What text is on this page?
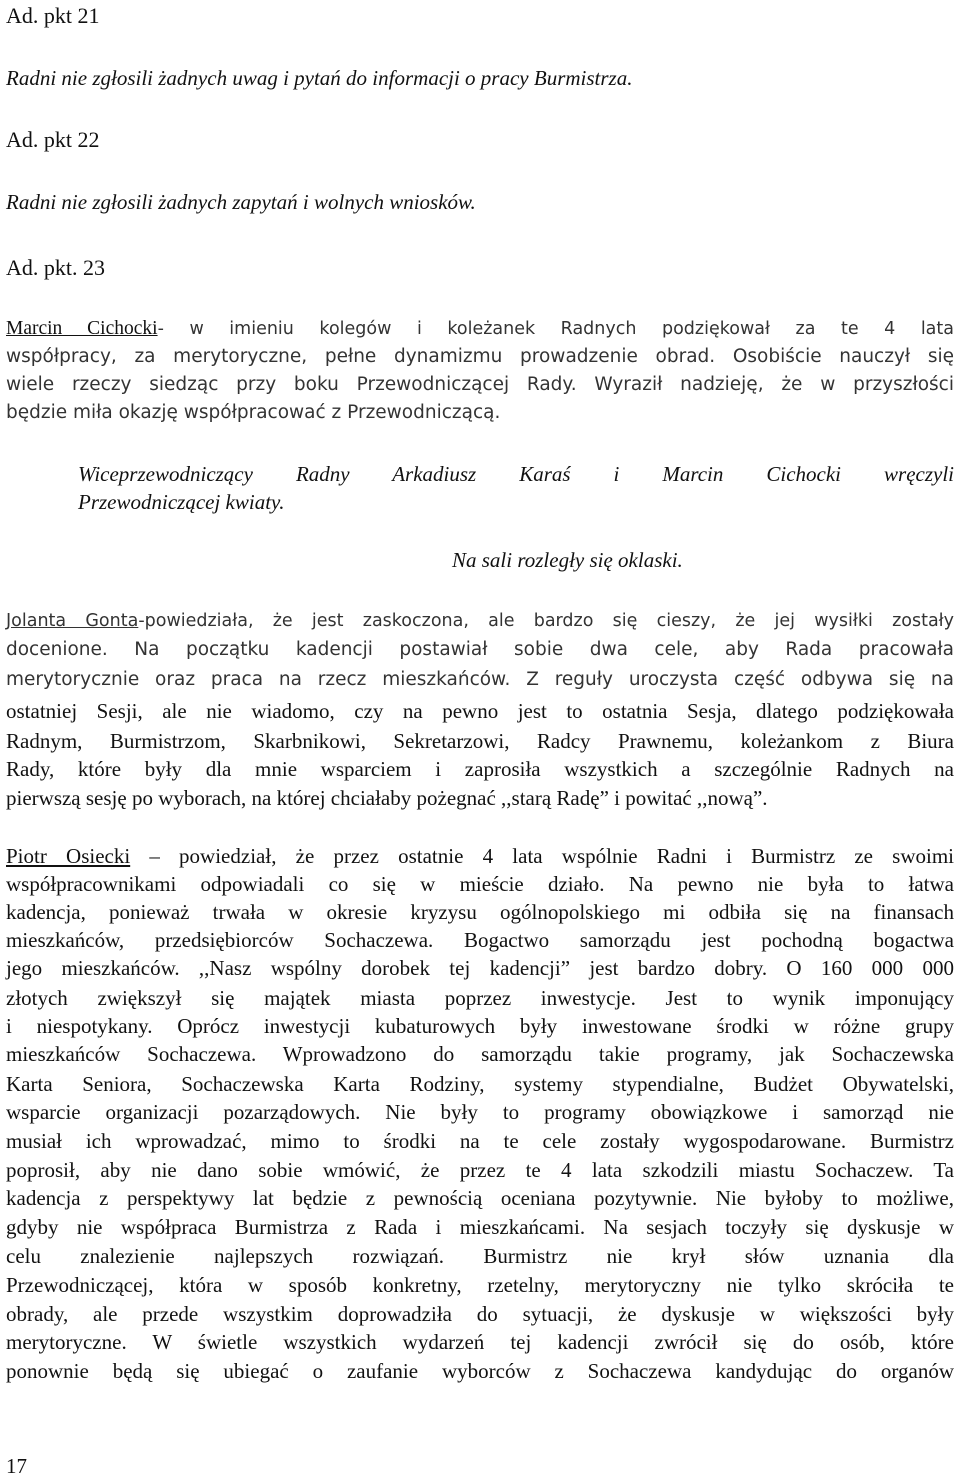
Ad. pkt 21
Radni nie zgłosili żadnych uwag i pytań do informacji o pracy Burmistrza.
Ad. pkt 22
Radni nie zgłosili żadnych zapytań i wolnych wniosków.
Ad. pkt. 23
Marcin Cichocki- w imieniu kolegów i koleżanek Radnych podziękował za te 4 lata
współpracy, za merytoryczne, pełne dynamizmu prowadzenie obrad. Osobiście nauczył się
wiele rzeczy siedząc przy boku Przewodniczącej Rady. Wyraził nadzieję, że w przyszłości
będzie miła okazję współpracować z Przewodniczącą.
Wiceprzewodniczący Radny Arkadiusz Karaś i Marcin Cichocki wręczyli
Przewodniczącej kwiaty.
Na sali rozległy się oklaski.
Jolanta Gonta-powiedziała, że jest zaskoczona, ale bardzo się cieszy, że jej wysiłki zostały
docenione. Na początku kadencji postawiał sobie dwa cele, aby Rada pracowała
merytorycznie oraz praca na rzecz mieszkańców. Z reguły uroczysta część odbywa się na
ostatniej Sesji, ale nie wiadomo, czy na pewno jest to ostatnia Sesja, dlatego podziękowała
Radnym, Burmistrzom, Skarbnikowi, Sekretarzowi, Radcy Prawnemu, koleżankom z Biura
Rady, które były dla mnie wsparciem i zaprosiła wszystkich a szczególnie Radnych na
pierwszą sesję po wyborach, na której chciałaby pożegnać ,,starą Radę” i powitać ,,nową”.
Piotr Osiecki – powiedział, że przez ostatnie 4 lata wspólnie Radni i Burmistrz ze swoimi
współpracownikami odpowiadali co się w mieście działo. Na pewno nie była to łatwa
kadencja, ponieważ trwała w okresie kryzysu ogólnopolskiego mi odbiła się na finansach
mieszkańców, przedsiębiorców Sochaczewa. Bogactwo samorządu jest pochodną bogactwa
jego mieszkańców. ,,Nasz wspólny dorobek tej kadencji” jest bardzo dobry. O 160 000 000
złotych zwiększył się majątek miasta poprzez inwestycje. Jest to wynik imponujący
i niespotykany. Oprócz inwestycji kubaturowych były inwestowane środki w różne grupy
mieszkańców Sochaczewa. Wprowadzono do samorządu takie programy, jak Sochaczewska
Karta Seniora, Sochaczewska Karta Rodziny, systemy stypendialne, Budżet Obywatelski,
wsparcie organizacji pozarządowych. Nie były to programy obowiązkowe i samorząd nie
musiał ich wprowadzać, mimo to środki na te cele zostały wygospodarowane. Burmistrz
poprosił, aby nie dano sobie wmówić, że przez te 4 lata szkodzili miastu Sochaczew. Ta
kadencja z perspektywy lat będzie z pewnością oceniana pozytywnie. Nie byłoby to możliwe,
gdyby nie współpraca Burmistrza z Rada i mieszkańcami. Na sesjach toczyły się dyskusje w
celu znalezienie najlepszych rozwiązań. Burmistrz nie krył słów uznania dla
Przewodniczącej, która w sposób konkretny, rzetelny, merytoryczny nie tylko skróciła te
obrady, ale przede wszystkim doprowadziła do sytuacji, że dyskusje w większości były
merytoryczne. W świetle wszystkich wydarzeń tej kadencji zwrócił się do osób, które
ponownie będą się ubiegać o zaufanie wyborców z Sochaczewa kandydując do organów
17
